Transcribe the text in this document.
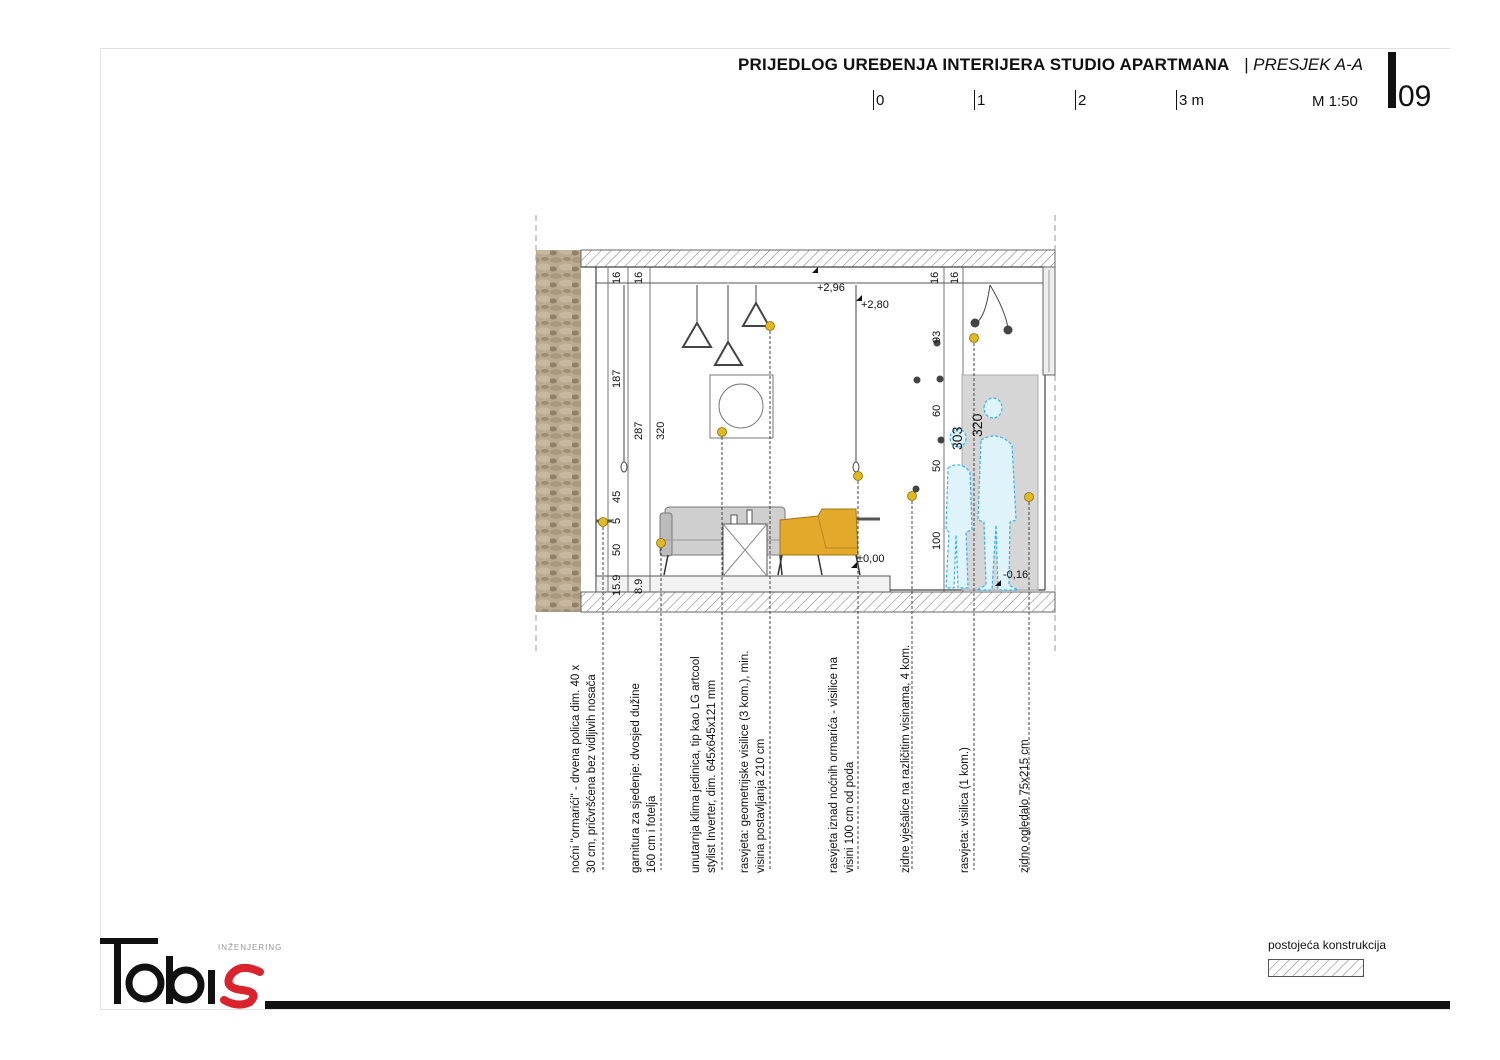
PRIJEDLOG UREĐENJA INTERIJERA STUDIO APARTMANA | PRESJEK A-A
09
0	1	2	3 m	M 1:50
16 16	16 16
187
45
5
50
15.9
287 320
8.9
93
60
50
100
303
320
+2,96
+2,80
±0,00
-0,16
noćni "ormarići" - drvena polica dim. 40 x 30 cm, pričvršćena bez vidljivih nosača	garnitura za sjedenje: dvosjed dužine 160 cm i fotelja	unutarnja klima jedinica, tip kao LG artcool stylist Inverter, dim. 645x645x121 mm rasvjeta: geometrijske visilice (3 kom.), min. visina postavljanja 210 cm	rasvjeta iznad noćnih ormarića - visilice na visini 100 cm od poda	zidne vješalice na različitim visinama, 4 kom.	rasvjeta: visilica (1 kom.)	zidno ogledalo 75x215 cm
postojeća konstrukcija
INŽENJERING
